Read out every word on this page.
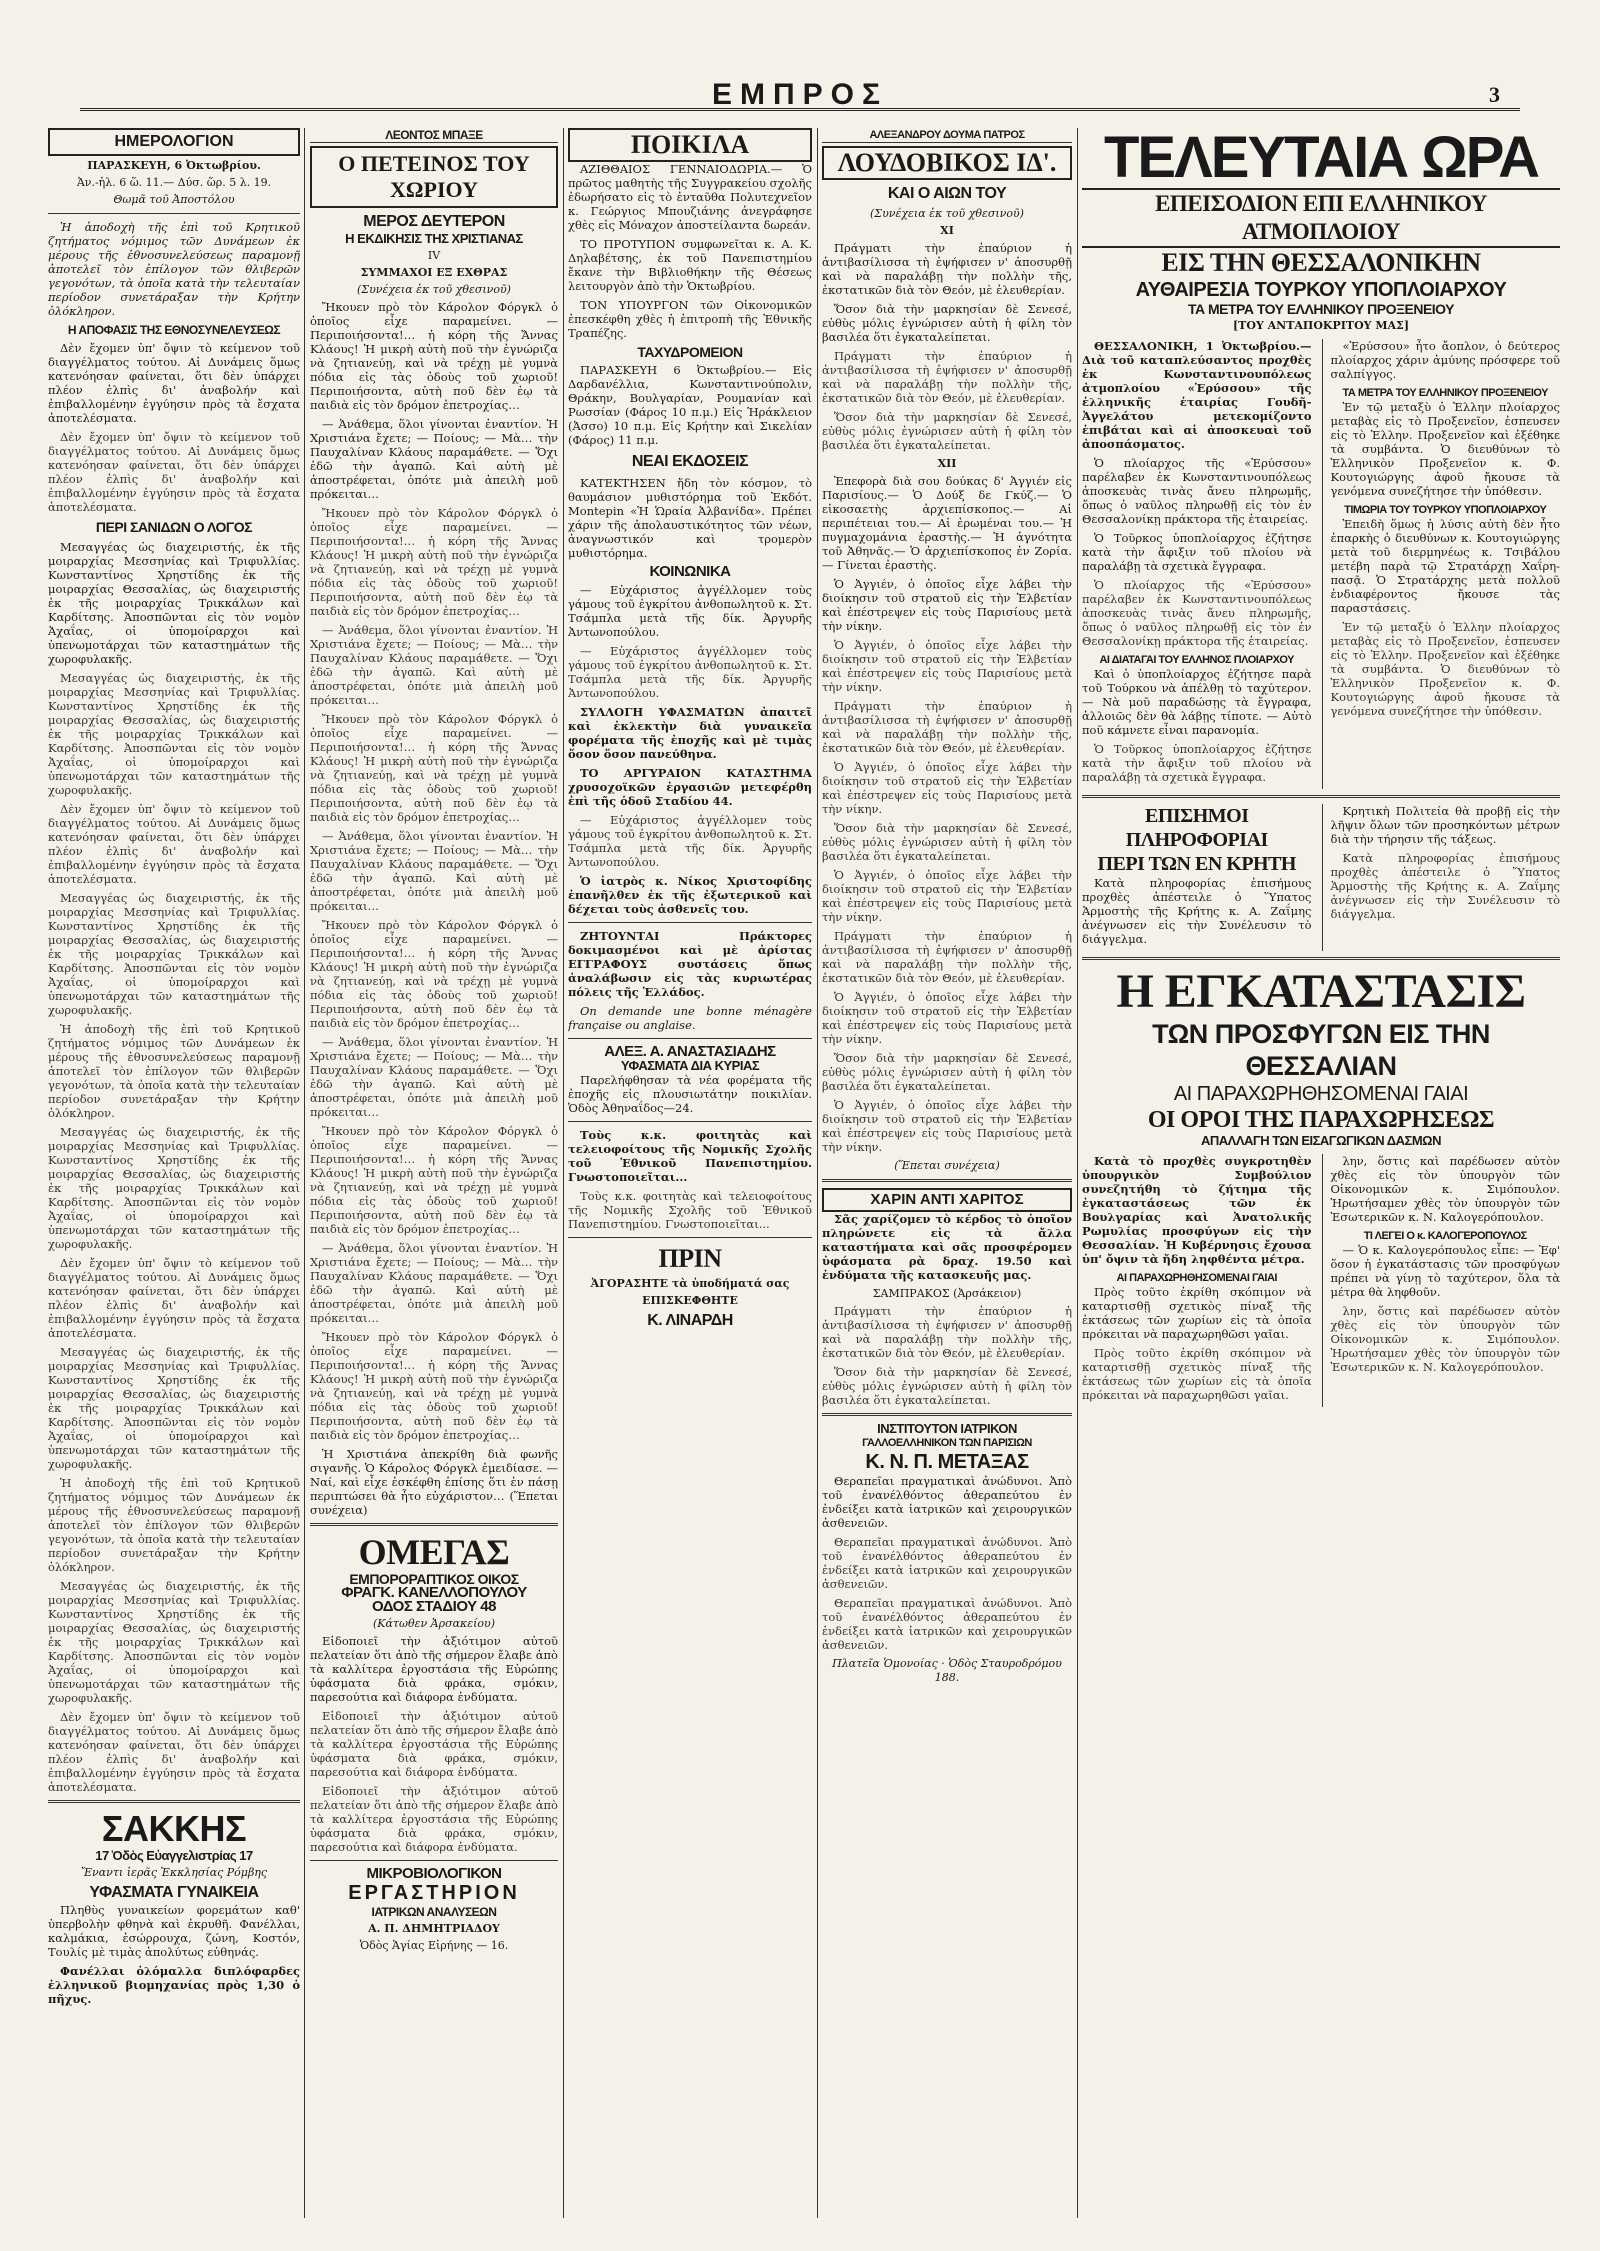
ΕΜΠΡΟΣ	3
ΗΜΕΡΟΛΟΓΙΟΝ
ΠΑΡΑΣΚΕΥΗ, 6 Ὀκτωβρίου.
Ἀν.-ἡλ. 6 ὥ. 11.— Δύσ. ὥρ. 5 λ. 19.
Θωμᾶ τοῦ Ἀποστόλου

Ἡ ἀποδοχὴ τῆς ἐπὶ τοῦ Κρητικοῦ ζητήματος νόμιμος τῶν Δυνάμεων ἐκ μέρους τῆς ἐθνοσυνελεύσεως παραμονῇ ἀποτελεῖ τὸν ἐπίλογον τῶν θλιβερῶν γεγονότων, τὰ ὁποῖα κατὰ τὴν τελευταίαν περίοδον συνετάραξαν τὴν Κρήτην ὁλόκληρον.

Η ΑΠΟΦΑΣΙΣ ΤΗΣ ΕΘΝΟΣΥΝΕΛΕΥΣΕΩΣ

Δὲν ἔχομεν ὑπ' ὄψιν τὸ κείμενον τοῦ διαγγέλματος τούτου. Αἱ Δυνάμεις ὅμως κατενόησαν φαίνεται, ὅτι δὲν ὑπάρχει πλέον ἐλπὶς δι' ἀναβολήν καὶ ἐπιβαλλομένην ἐγγύησιν πρὸς τὰ ἔσχατα ἀποτελέσματα.

Δὲν ἔχομεν ὑπ' ὄψιν τὸ κείμενον τοῦ διαγγέλματος τούτου. Αἱ Δυνάμεις ὅμως κατενόησαν φαίνεται, ὅτι δὲν ὑπάρχει πλέον ἐλπὶς δι' ἀναβολήν καὶ ἐπιβαλλομένην ἐγγύησιν πρὸς τὰ ἔσχατα ἀποτελέσματα.

ΠΕΡΙ ΣΑΝΙΔΩΝ Ο ΛΟΓΟΣ

Μεσαγγέας ὡς διαχειριστής, ἐκ τῆς μοιραρχίας Μεσσηνίας καὶ Τριφυλλίας. Κωνσταντίνος Χρηστίδης ἐκ τῆς μοιραρχίας Θεσσαλίας, ὡς διαχειριστής ἐκ τῆς μοιραρχίας Τρικκάλων καὶ Καρδίτσης. Ἀποσπῶνται εἰς τὸν νομὸν Ἀχαΐας, οἱ ὑπομοίραρχοι καὶ ὑπενωμοτάρχαι τῶν καταστημάτων τῆς χωροφυλακῆς.

Μεσαγγέας ὡς διαχειριστής, ἐκ τῆς μοιραρχίας Μεσσηνίας καὶ Τριφυλλίας. Κωνσταντίνος Χρηστίδης ἐκ τῆς μοιραρχίας Θεσσαλίας, ὡς διαχειριστής ἐκ τῆς μοιραρχίας Τρικκάλων καὶ Καρδίτσης. Ἀποσπῶνται εἰς τὸν νομὸν Ἀχαΐας, οἱ ὑπομοίραρχοι καὶ ὑπενωμοτάρχαι τῶν καταστημάτων τῆς χωροφυλακῆς.

Δὲν ἔχομεν ὑπ' ὄψιν τὸ κείμενον τοῦ διαγγέλματος τούτου. Αἱ Δυνάμεις ὅμως κατενόησαν φαίνεται, ὅτι δὲν ὑπάρχει πλέον ἐλπὶς δι' ἀναβολήν καὶ ἐπιβαλλομένην ἐγγύησιν πρὸς τὰ ἔσχατα ἀποτελέσματα.

Μεσαγγέας ὡς διαχειριστής, ἐκ τῆς μοιραρχίας Μεσσηνίας καὶ Τριφυλλίας. Κωνσταντίνος Χρηστίδης ἐκ τῆς μοιραρχίας Θεσσαλίας, ὡς διαχειριστής ἐκ τῆς μοιραρχίας Τρικκάλων καὶ Καρδίτσης. Ἀποσπῶνται εἰς τὸν νομὸν Ἀχαΐας, οἱ ὑπομοίραρχοι καὶ ὑπενωμοτάρχαι τῶν καταστημάτων τῆς χωροφυλακῆς.

Ἡ ἀποδοχὴ τῆς ἐπὶ τοῦ Κρητικοῦ ζητήματος νόμιμος τῶν Δυνάμεων ἐκ μέρους τῆς ἐθνοσυνελεύσεως παραμονῇ ἀποτελεῖ τὸν ἐπίλογον τῶν θλιβερῶν γεγονότων, τὰ ὁποῖα κατὰ τὴν τελευταίαν περίοδον συνετάραξαν τὴν Κρήτην ὁλόκληρον.

Μεσαγγέας ὡς διαχειριστής, ἐκ τῆς μοιραρχίας Μεσσηνίας καὶ Τριφυλλίας. Κωνσταντίνος Χρηστίδης ἐκ τῆς μοιραρχίας Θεσσαλίας, ὡς διαχειριστής ἐκ τῆς μοιραρχίας Τρικκάλων καὶ Καρδίτσης. Ἀποσπῶνται εἰς τὸν νομὸν Ἀχαΐας, οἱ ὑπομοίραρχοι καὶ ὑπενωμοτάρχαι τῶν καταστημάτων τῆς χωροφυλακῆς.

Δὲν ἔχομεν ὑπ' ὄψιν τὸ κείμενον τοῦ διαγγέλματος τούτου. Αἱ Δυνάμεις ὅμως κατενόησαν φαίνεται, ὅτι δὲν ὑπάρχει πλέον ἐλπὶς δι' ἀναβολήν καὶ ἐπιβαλλομένην ἐγγύησιν πρὸς τὰ ἔσχατα ἀποτελέσματα.

Μεσαγγέας ὡς διαχειριστής, ἐκ τῆς μοιραρχίας Μεσσηνίας καὶ Τριφυλλίας. Κωνσταντίνος Χρηστίδης ἐκ τῆς μοιραρχίας Θεσσαλίας, ὡς διαχειριστής ἐκ τῆς μοιραρχίας Τρικκάλων καὶ Καρδίτσης. Ἀποσπῶνται εἰς τὸν νομὸν Ἀχαΐας, οἱ ὑπομοίραρχοι καὶ ὑπενωμοτάρχαι τῶν καταστημάτων τῆς χωροφυλακῆς.

Ἡ ἀποδοχὴ τῆς ἐπὶ τοῦ Κρητικοῦ ζητήματος νόμιμος τῶν Δυνάμεων ἐκ μέρους τῆς ἐθνοσυνελεύσεως παραμονῇ ἀποτελεῖ τὸν ἐπίλογον τῶν θλιβερῶν γεγονότων, τὰ ὁποῖα κατὰ τὴν τελευταίαν περίοδον συνετάραξαν τὴν Κρήτην ὁλόκληρον.

Μεσαγγέας ὡς διαχειριστής, ἐκ τῆς μοιραρχίας Μεσσηνίας καὶ Τριφυλλίας. Κωνσταντίνος Χρηστίδης ἐκ τῆς μοιραρχίας Θεσσαλίας, ὡς διαχειριστής ἐκ τῆς μοιραρχίας Τρικκάλων καὶ Καρδίτσης. Ἀποσπῶνται εἰς τὸν νομὸν Ἀχαΐας, οἱ ὑπομοίραρχοι καὶ ὑπενωμοτάρχαι τῶν καταστημάτων τῆς χωροφυλακῆς.

Δὲν ἔχομεν ὑπ' ὄψιν τὸ κείμενον τοῦ διαγγέλματος τούτου. Αἱ Δυνάμεις ὅμως κατενόησαν φαίνεται, ὅτι δὲν ὑπάρχει πλέον ἐλπὶς δι' ἀναβολήν καὶ ἐπιβαλλομένην ἐγγύησιν πρὸς τὰ ἔσχατα ἀποτελέσματα.

ΣΑΚΚΗΣ
17 Ὁδὸς Εὐαγγελιστρίας 17
Ἔναντι ἱερᾶς Ἐκκλησίας Ρόμβης
ΥΦΑΣΜΑΤΑ ΓΥΝΑΙΚΕΙΑ

Πληθὺς γυναικείων φορεμάτων καθ' ὑπερβολὴν φθηνὰ καὶ ἐκρυθῆ. Φανέλλαι, καλμάκια, ἐσώρρουχα, ζώνη, Κοστόν, Τουλίς μὲ τιμὰς ἀπολύτως εὐθηνάς.

Φανέλλαι ὁλόμαλλα διπλόφαρδες ἐλληνικοῦ βιομηχανίας πρὸς 1,30 ὁ πῆχυς.

ΛΕΟΝΤΟΣ ΜΠΑΞΕ
Ο ΠΕΤΕΙΝΟΣ ΤΟΥ ΧΩΡΙΟΥ
ΜΕΡΟΣ ΔΕΥΤΕΡΟΝ
Η ΕΚΔΙΚΗΣΙΣ ΤΗΣ ΧΡΙΣΤΙΑΝΑΣ
IV
ΣΥΜΜΑΧΟΙ ΕΞ ΕΧΘΡΑΣ
(Συνέχεια ἐκ τοῦ χθεσινοῦ)

Ἤκουεν πρὸ τὸν Κάρολον Φόργκλ ὁ ὁποῖος εἶχε παραμείνει. — Περιποιήσοντα!… ἡ κόρη τῆς Ἄννας Κλάους! Ἡ μικρὴ αὐτὴ ποῦ τὴν ἐγνώριζα νὰ ζητιανεύῃ, καὶ νὰ τρέχῃ μὲ γυμνὰ πόδια εἰς τὰς ὁδοὺς τοῦ χωριοῦ! Περιποιήσοντα, αὐτὴ ποῦ δὲν ἐῳ τὰ παιδιὰ εἰς τὸν δρόμον ἐπετροχίας…

— Ἀνάθεμα, ὅλοι γίνονται ἐναντίον. Ἡ Χριστιάνα ἔχετε; — Ποίους; — Μὰ… τὴν Παυχαλίναν Κλάους παραμάθετε. — Ὅχι ἐδῶ τὴν ἀγαπῶ. Καὶ αὐτὴ μὲ ἀποστρέφεται, ὁπότε μιὰ ἀπειλὴ μοῦ πρόκειται…

Ἤκουεν πρὸ τὸν Κάρολον Φόργκλ ὁ ὁποῖος εἶχε παραμείνει. — Περιποιήσοντα!… ἡ κόρη τῆς Ἄννας Κλάους! Ἡ μικρὴ αὐτὴ ποῦ τὴν ἐγνώριζα νὰ ζητιανεύῃ, καὶ νὰ τρέχῃ μὲ γυμνὰ πόδια εἰς τὰς ὁδοὺς τοῦ χωριοῦ! Περιποιήσοντα, αὐτὴ ποῦ δὲν ἐῳ τὰ παιδιὰ εἰς τὸν δρόμον ἐπετροχίας…

— Ἀνάθεμα, ὅλοι γίνονται ἐναντίον. Ἡ Χριστιάνα ἔχετε; — Ποίους; — Μὰ… τὴν Παυχαλίναν Κλάους παραμάθετε. — Ὅχι ἐδῶ τὴν ἀγαπῶ. Καὶ αὐτὴ μὲ ἀποστρέφεται, ὁπότε μιὰ ἀπειλὴ μοῦ πρόκειται…

Ἤκουεν πρὸ τὸν Κάρολον Φόργκλ ὁ ὁποῖος εἶχε παραμείνει. — Περιποιήσοντα!… ἡ κόρη τῆς Ἄννας Κλάους! Ἡ μικρὴ αὐτὴ ποῦ τὴν ἐγνώριζα νὰ ζητιανεύῃ, καὶ νὰ τρέχῃ μὲ γυμνὰ πόδια εἰς τὰς ὁδοὺς τοῦ χωριοῦ! Περιποιήσοντα, αὐτὴ ποῦ δὲν ἐῳ τὰ παιδιὰ εἰς τὸν δρόμον ἐπετροχίας…

— Ἀνάθεμα, ὅλοι γίνονται ἐναντίον. Ἡ Χριστιάνα ἔχετε; — Ποίους; — Μὰ… τὴν Παυχαλίναν Κλάους παραμάθετε. — Ὅχι ἐδῶ τὴν ἀγαπῶ. Καὶ αὐτὴ μὲ ἀποστρέφεται, ὁπότε μιὰ ἀπειλὴ μοῦ πρόκειται…

Ἤκουεν πρὸ τὸν Κάρολον Φόργκλ ὁ ὁποῖος εἶχε παραμείνει. — Περιποιήσοντα!… ἡ κόρη τῆς Ἄννας Κλάους! Ἡ μικρὴ αὐτὴ ποῦ τὴν ἐγνώριζα νὰ ζητιανεύῃ, καὶ νὰ τρέχῃ μὲ γυμνὰ πόδια εἰς τὰς ὁδοὺς τοῦ χωριοῦ! Περιποιήσοντα, αὐτὴ ποῦ δὲν ἐῳ τὰ παιδιὰ εἰς τὸν δρόμον ἐπετροχίας…

— Ἀνάθεμα, ὅλοι γίνονται ἐναντίον. Ἡ Χριστιάνα ἔχετε; — Ποίους; — Μὰ… τὴν Παυχαλίναν Κλάους παραμάθετε. — Ὅχι ἐδῶ τὴν ἀγαπῶ. Καὶ αὐτὴ μὲ ἀποστρέφεται, ὁπότε μιὰ ἀπειλὴ μοῦ πρόκειται…

Ἤκουεν πρὸ τὸν Κάρολον Φόργκλ ὁ ὁποῖος εἶχε παραμείνει. — Περιποιήσοντα!… ἡ κόρη τῆς Ἄννας Κλάους! Ἡ μικρὴ αὐτὴ ποῦ τὴν ἐγνώριζα νὰ ζητιανεύῃ, καὶ νὰ τρέχῃ μὲ γυμνὰ πόδια εἰς τὰς ὁδοὺς τοῦ χωριοῦ! Περιποιήσοντα, αὐτὴ ποῦ δὲν ἐῳ τὰ παιδιὰ εἰς τὸν δρόμον ἐπετροχίας…

— Ἀνάθεμα, ὅλοι γίνονται ἐναντίον. Ἡ Χριστιάνα ἔχετε; — Ποίους; — Μὰ… τὴν Παυχαλίναν Κλάους παραμάθετε. — Ὅχι ἐδῶ τὴν ἀγαπῶ. Καὶ αὐτὴ μὲ ἀποστρέφεται, ὁπότε μιὰ ἀπειλὴ μοῦ πρόκειται…

Ἤκουεν πρὸ τὸν Κάρολον Φόργκλ ὁ ὁποῖος εἶχε παραμείνει. — Περιποιήσοντα!… ἡ κόρη τῆς Ἄννας Κλάους! Ἡ μικρὴ αὐτὴ ποῦ τὴν ἐγνώριζα νὰ ζητιανεύῃ, καὶ νὰ τρέχῃ μὲ γυμνὰ πόδια εἰς τὰς ὁδοὺς τοῦ χωριοῦ! Περιποιήσοντα, αὐτὴ ποῦ δὲν ἐῳ τὰ παιδιὰ εἰς τὸν δρόμον ἐπετροχίας…

Ἡ Χριστιάνα ἀπεκρίθη διὰ φωνῆς σιγανῆς. Ὁ Κάρολος Φόργκλ ἐμειδίασε. — Ναί, καὶ εἶχε ἐσκέφθη ἐπίσης ὅτι ἐν πάσῃ περιπτώσει θὰ ἦτο εὐχάριστον… (Ἕπεται συνέχεια)

ΟΜΕΓΑΣ
ΕΜΠΟΡΟΡΑΠΤΙΚΟΣ ΟΙΚΟΣ
ΦΡΑΓΚ. ΚΑΝΕΛΛΟΠΟΥΛΟΥ
ΟΔΟΣ ΣΤΑΔΙΟΥ 48
(Κάτωθεν Ἀρσακείου)

Εἰδοποιεῖ τὴν ἀξιότιμον αὐτοῦ πελατείαν ὅτι ἀπὸ τῆς σήμερον ἔλαβε ἀπὸ τὰ καλλίτερα ἐργοστάσια τῆς Εὐρώπης ὑφάσματα διὰ φράκα, σμόκιν, παρεσούτια καὶ διάφορα ἐνδύματα.

Εἰδοποιεῖ τὴν ἀξιότιμον αὐτοῦ πελατείαν ὅτι ἀπὸ τῆς σήμερον ἔλαβε ἀπὸ τὰ καλλίτερα ἐργοστάσια τῆς Εὐρώπης ὑφάσματα διὰ φράκα, σμόκιν, παρεσούτια καὶ διάφορα ἐνδύματα.

Εἰδοποιεῖ τὴν ἀξιότιμον αὐτοῦ πελατείαν ὅτι ἀπὸ τῆς σήμερον ἔλαβε ἀπὸ τὰ καλλίτερα ἐργοστάσια τῆς Εὐρώπης ὑφάσματα διὰ φράκα, σμόκιν, παρεσούτια καὶ διάφορα ἐνδύματα.

ΜΙΚΡΟΒΙΟΛΟΓΙΚΟΝ
ΕΡΓΑΣΤΗΡΙΟΝ
ΙΑΤΡΙΚΩΝ ΑΝΑΛΥΣΕΩΝ
Α. Π. ΔΗΜΗΤΡΙΑΔΟΥ
Ὁδὸς Ἁγίας Εἰρήνης — 16.
ΠΟΙΚΙΛΑ

ΑΖΙΘΘΑΙΟΣ ΓΕΝΝΑΙΟΔΩΡΙΑ.— Ὁ πρῶτος μαθητὴς τῆς Συγγρακείου σχολῆς ἐδωρήσατο εἰς τὸ ἐνταῦθα Πολυτεχνεῖον κ. Γεώργιος Μπουζιάνης ἀνεγράφησε χθὲς εἰς Μόναχον ἀποστείλαντα δωρεάν.

ΤΟ ΠΡΟΤΥΠΟΝ συμφωνεῖται κ. Α. Κ. Δηλαβέτσης, ἐκ τοῦ Πανεπιστημίου ἔκανε τὴν Βιβλιοθήκην τῆς Θέσεως λειτουργὸν ἀπὸ τὴν Ὁκτωβρίου.

ΤΟΝ ΥΠΟΥΡΓΟΝ τῶν Οἰκονομικῶν ἐπεσκέφθη χθὲς ἡ ἐπιτροπὴ τῆς Ἐθνικῆς Τραπέζης.

ΤΑΧΥΔΡΟΜΕΙΟΝ

ΠΑΡΑΣΚΕΥΗ 6 Ὀκτωβρίου.— Εἰς Δαρδανέλλια, Κωνσταντινούπολιν, Θράκην, Βουλγαρίαν, Ρουμανίαν καὶ Ρωσσίαν (Φάρος 10 π.μ.) Εἰς Ἡράκλειον (Ἀσσο) 10 π.μ. Εἰς Κρήτην καὶ Σικελίαν (Φάρος) 11 π.μ.

ΝΕΑΙ ΕΚΔΟΣΕΙΣ

ΚΑΤΕΚΤΗΣΕΝ ἤδη τὸν κόσμον, τὸ θαυμάσιον μυθιστόρημα τοῦ Ἐκδότ. Montepin «Ἡ Ὡραία Ἀλβανίδα». Πρέπει χάριν τῆς ἀπολαυστικότητος τῶν νέων, ἀναγνωστικόν καὶ τρομερὸν μυθιστόρημα.

ΚΟΙΝΩΝΙΚΑ

— Εὐχάριστος ἀγγέλλομεν τοὺς γάμους τοῦ ἐγκρίτου ἀνθοπωλητοῦ κ. Στ. Τσάμπλα μετὰ τῆς δίκ. Ἀργυρῆς Ἀντωνοπούλου.

— Εὐχάριστος ἀγγέλλομεν τοὺς γάμους τοῦ ἐγκρίτου ἀνθοπωλητοῦ κ. Στ. Τσάμπλα μετὰ τῆς δίκ. Ἀργυρῆς Ἀντωνοπούλου.

ΣΥΛΛΟΓΗ ΥΦΑΣΜΑΤΩΝ ἀπαιτεῖ καὶ ἐκλεκτὴν διὰ γυναικεῖα φορέματα τῆς ἐποχῆς καὶ μὲ τιμὰς ὅσον ὅσον πανεύθηνα.

ΤΟ ΑΡΓΥΡΑΙΟΝ ΚΑΤΑΣΤΗΜΑ χρυσοχοϊκῶν ἐργασιῶν μετεφέρθη ἐπὶ τῆς ὁδοῦ Σταδίου 44.

— Εὐχάριστος ἀγγέλλομεν τοὺς γάμους τοῦ ἐγκρίτου ἀνθοπωλητοῦ κ. Στ. Τσάμπλα μετὰ τῆς δίκ. Ἀργυρῆς Ἀντωνοπούλου.

Ὁ ἰατρὸς κ. Νίκος Χριστοφίδης ἐπανῆλθεν ἐκ τῆς ἐξωτερικοῦ καὶ δέχεται τοὺς ἀσθενεῖς του.

ΖΗΤΟΥΝΤΑΙ Πράκτορες δοκιμασμένοι καὶ μὲ ἀρίστας ΕΓΓΡΑΦΟΥΣ συστάσεις ὅπως ἀναλάβωσιν εἰς τὰς κυριωτέρας πόλεις τῆς Ἑλλάδος.

On demande une bonne ménagère française ou anglaise.

ΑΛΕΞ. Α. ΑΝΑΣΤΑΣΙΑΔΗΣ
ΥΦΑΣΜΑΤΑ ΔΙΑ ΚΥΡΙΑΣ

Παρελήφθησαν τὰ νέα φορέματα τῆς ἐποχῆς εἰς πλουσιωτάτην ποικιλίαν. Ὁδὸς Ἀθηναΐδος—24.

Τοὺς κ.κ. φοιτητὰς καὶ τελειοφοίτους τῆς Νομικῆς Σχολῆς τοῦ Ἐθνικοῦ Πανεπιστημίου. Γνωστοποιεῖται...

Τοὺς κ.κ. φοιτητὰς καὶ τελειοφοίτους τῆς Νομικῆς Σχολῆς τοῦ Ἐθνικοῦ Πανεπιστημίου. Γνωστοποιεῖται...

ΠΡΙΝ
ἈΓΟΡΑΣΗΤΕ τὰ ὑποδήματά σας
ΕΠΙΣΚΕΦΘΗΤΕ
Κ. ΛΙΝΑΡΔΗ
ΑΛΕΞΑΝΔΡΟΥ ΔΟΥΜΑ ΠΑΤΡΟΣ
ΛΟΥΔΟΒΙΚΟΣ ΙΔ'.
ΚΑΙ Ο ΑΙΩΝ ΤΟΥ
(Συνέχεια ἐκ τοῦ χθεσινοῦ)
XI

Πράγματι τὴν ἐπαύριον ἡ ἀντιβασίλισσα τὴ ἐψήφισεν ν' ἀποσυρθῇ καὶ νὰ παραλάβῃ τὴν πολλὴν τῆς, ἐκστατικῶν διὰ τὸν Θεόν, μὲ ἐλευθερίαν.

Ὅσον διὰ τὴν μαρκησίαν δὲ Σενεσέ, εὐθὺς μόλις ἐγνώρισεν αὐτὴ ἡ φίλη τὸν βασιλέα ὅτι ἐγκαταλείπεται.

Πράγματι τὴν ἐπαύριον ἡ ἀντιβασίλισσα τὴ ἐψήφισεν ν' ἀποσυρθῇ καὶ νὰ παραλάβῃ τὴν πολλὴν τῆς, ἐκστατικῶν διὰ τὸν Θεόν, μὲ ἐλευθερίαν.

Ὅσον διὰ τὴν μαρκησίαν δὲ Σενεσέ, εὐθὺς μόλις ἐγνώρισεν αὐτὴ ἡ φίλη τὸν βασιλέα ὅτι ἐγκαταλείπεται.

XII

Ἐπεφορὰ διὰ σου δούκας δ' Ἀγγιέν εἰς Παρισίους.— Ὁ Δούξ δε Γκύζ.— Ὁ εἰκοσαετὴς ἀρχιεπίσκοπος.— Αἱ περιπέτειαι του.— Αἱ ἐρωμέναι του.— Ἡ πυγμαχομάνια ἐραστὴς.— Ἡ ἀγνότητα τοῦ Ἀθηνᾶς.— Ὁ ἀρχιεπίσκοπος ἐν Ζορία.— Γίνεται ἐραστὴς.

Ὁ Ἀγγιέν, ὁ ὁποῖος εἶχε λάβει τὴν διοίκησιν τοῦ στρατοῦ εἰς τὴν Ἑλβετίαν καὶ ἐπέστρεψεν εἰς τοὺς Παρισίους μετὰ τὴν νίκην.

Ὁ Ἀγγιέν, ὁ ὁποῖος εἶχε λάβει τὴν διοίκησιν τοῦ στρατοῦ εἰς τὴν Ἑλβετίαν καὶ ἐπέστρεψεν εἰς τοὺς Παρισίους μετὰ τὴν νίκην.

Πράγματι τὴν ἐπαύριον ἡ ἀντιβασίλισσα τὴ ἐψήφισεν ν' ἀποσυρθῇ καὶ νὰ παραλάβῃ τὴν πολλὴν τῆς, ἐκστατικῶν διὰ τὸν Θεόν, μὲ ἐλευθερίαν.

Ὁ Ἀγγιέν, ὁ ὁποῖος εἶχε λάβει τὴν διοίκησιν τοῦ στρατοῦ εἰς τὴν Ἑλβετίαν καὶ ἐπέστρεψεν εἰς τοὺς Παρισίους μετὰ τὴν νίκην.

Ὅσον διὰ τὴν μαρκησίαν δὲ Σενεσέ, εὐθὺς μόλις ἐγνώρισεν αὐτὴ ἡ φίλη τὸν βασιλέα ὅτι ἐγκαταλείπεται.

Ὁ Ἀγγιέν, ὁ ὁποῖος εἶχε λάβει τὴν διοίκησιν τοῦ στρατοῦ εἰς τὴν Ἑλβετίαν καὶ ἐπέστρεψεν εἰς τοὺς Παρισίους μετὰ τὴν νίκην.

Πράγματι τὴν ἐπαύριον ἡ ἀντιβασίλισσα τὴ ἐψήφισεν ν' ἀποσυρθῇ καὶ νὰ παραλάβῃ τὴν πολλὴν τῆς, ἐκστατικῶν διὰ τὸν Θεόν, μὲ ἐλευθερίαν.

Ὁ Ἀγγιέν, ὁ ὁποῖος εἶχε λάβει τὴν διοίκησιν τοῦ στρατοῦ εἰς τὴν Ἑλβετίαν καὶ ἐπέστρεψεν εἰς τοὺς Παρισίους μετὰ τὴν νίκην.

Ὅσον διὰ τὴν μαρκησίαν δὲ Σενεσέ, εὐθὺς μόλις ἐγνώρισεν αὐτὴ ἡ φίλη τὸν βασιλέα ὅτι ἐγκαταλείπεται.

Ὁ Ἀγγιέν, ὁ ὁποῖος εἶχε λάβει τὴν διοίκησιν τοῦ στρατοῦ εἰς τὴν Ἑλβετίαν καὶ ἐπέστρεψεν εἰς τοὺς Παρισίους μετὰ τὴν νίκην.

(Ἕπεται συνέχεια)
ΧΑΡΙΝ ΑΝΤΙ ΧΑΡΙΤΟΣ

Σᾶς χαρίζομεν τὸ κέρδος τὸ ὁποῖον πληρώνετε εἰς τὰ ἄλλα καταστήματα καὶ σᾶς προσφέρομεν ὑφάσματα ρὰ δραχ. 19.50 καὶ ἐνδύματα τῆς κατασκευῆς μας.

ΣΑΜΠΡΑΚΟΣ (Ἀρσάκειον)

Πράγματι τὴν ἐπαύριον ἡ ἀντιβασίλισσα τὴ ἐψήφισεν ν' ἀποσυρθῇ καὶ νὰ παραλάβῃ τὴν πολλὴν τῆς, ἐκστατικῶν διὰ τὸν Θεόν, μὲ ἐλευθερίαν.

Ὅσον διὰ τὴν μαρκησίαν δὲ Σενεσέ, εὐθὺς μόλις ἐγνώρισεν αὐτὴ ἡ φίλη τὸν βασιλέα ὅτι ἐγκαταλείπεται.

ΙΝΣΤΙΤΟΥΤΟΝ ΙΑΤΡΙΚΟΝ
ΓΑΛΛΟΕΛΛΗΝΙΚΟΝ ΤΩΝ ΠΑΡΙΣΙΩΝ
Κ. Ν. Π. ΜΕΤΑΞΑΣ

Θεραπεῖαι πραγματικαὶ ἀνώδυνοι. Ἀπὸ τοῦ ἐνανέλθόντος ἀθεραπεύτου ἐν ἐνδείξει κατὰ ἰατρικῶν καὶ χειρουργικῶν ἀσθενειῶν.

Θεραπεῖαι πραγματικαὶ ἀνώδυνοι. Ἀπὸ τοῦ ἐνανέλθόντος ἀθεραπεύτου ἐν ἐνδείξει κατὰ ἰατρικῶν καὶ χειρουργικῶν ἀσθενειῶν.

Θεραπεῖαι πραγματικαὶ ἀνώδυνοι. Ἀπὸ τοῦ ἐνανέλθόντος ἀθεραπεύτου ἐν ἐνδείξει κατὰ ἰατρικῶν καὶ χειρουργικῶν ἀσθενειῶν.

Πλατεῖα Ὁμονοίας · Ὁδὸς Σταυροδρόμου 188.
ΤΕΛΕΥΤΑΙΑ ΩΡΑ
ΕΠΕΙΣΟΔΙΟΝ ΕΠΙ ΕΛΛΗΝΙΚΟΥ ΑΤΜΟΠΛΟΙΟΥ
ΕΙΣ ΤΗΝ ΘΕΣΣΑΛΟΝΙΚΗΝ
ΑΥΘΑΙΡΕΣΙΑ ΤΟΥΡΚΟΥ ΥΠΟΠΛΟΙΑΡΧΟΥ
ΤΑ ΜΕΤΡΑ ΤΟΥ ΕΛΛΗΝΙΚΟΥ ΠΡΟΞΕΝΕΙΟΥ
[ΤΟΥ ΑΝΤΑΠΟΚΡΙΤΟΥ ΜΑΣ]

ΘΕΣΣΑΛΟΝΙΚΗ, 1 Ὀκτωβρίου.— Διὰ τοῦ καταπλεύσαντος προχθὲς ἐκ Κωνσταντινουπόλεως ἀτμοπλοίου «Ἐρύσσου» τῆς ἑλληνικῆς ἑταιρίας Γουδῆ-Ἀγγελάτου μετεκομίζοντο ἐπιβάται καὶ αἱ ἀποσκευαὶ τοῦ ἀποσπάσματος.

Ὁ πλοίαρχος τῆς «Ἐρύσσου» παρέλαβεν ἐκ Κωνσταντινουπόλεως ἀποσκευὰς τινὰς ἄνευ πληρωμῆς, ὅπως ὁ ναῦλος πληρωθῇ εἰς τὸν ἐν Θεσσαλονίκῃ πράκτορα τῆς ἑταιρείας.

Ὁ Τοῦρκος ὑποπλοίαρχος ἐζήτησε κατὰ τὴν ἄφιξιν τοῦ πλοίου νὰ παραλάβῃ τὰ σχετικὰ ἔγγραφα.

Ὁ πλοίαρχος τῆς «Ἐρύσσου» παρέλαβεν ἐκ Κωνσταντινουπόλεως ἀποσκευὰς τινὰς ἄνευ πληρωμῆς, ὅπως ὁ ναῦλος πληρωθῇ εἰς τὸν ἐν Θεσσαλονίκῃ πράκτορα τῆς ἑταιρείας.

ΑΙ ΔΙΑΤΑΓΑΙ ΤΟΥ ΕΛΛΗΝΟΣ ΠΛΟΙΑΡΧΟΥ

Καὶ ὁ ὑποπλοίαρχος ἐζήτησε παρὰ τοῦ Τούρκου νὰ ἀπέλθῃ τὸ ταχύτερον. — Νὰ μοῦ παραδώσῃς τὰ ἔγγραφα, ἀλλοιῶς δὲν θὰ λάβῃς τίποτε. — Αὐτὸ ποῦ κάμνετε εἶναι παρανομία.

Ὁ Τοῦρκος ὑποπλοίαρχος ἐζήτησε κατὰ τὴν ἄφιξιν τοῦ πλοίου νὰ παραλάβῃ τὰ σχετικὰ ἔγγραφα.

«Ἐρύσσου» ἦτο ἄοπλον, ὁ δεύτερος πλοίαρχος χάριν ἀμύνης πρόσφερε τοῦ σαλπίγγος.

ΤΑ ΜΕΤΡΑ ΤΟΥ ΕΛΛΗΝΙΚΟΥ ΠΡΟΞΕΝΕΙΟΥ

Ἐν τῷ μεταξὺ ὁ Ἑλλην πλοίαρχος μεταβὰς εἰς τὸ Προξενεῖον, ἐσπευσεν εἰς τὸ Ἑλλην. Προξενεῖον καὶ ἐξέθηκε τὰ συμβάντα. Ὁ διευθύνων τὸ Ἑλληνικὸν Προξενεῖον κ. Φ. Κουτογιώργης ἀφοῦ ἤκουσε τὰ γενόμενα συνεζήτησε τὴν ὑπόθεσιν.

ΤΙΜΩΡΙΑ ΤΟΥ ΤΟΥΡΚΟΥ ΥΠΟΠΛΟΙΑΡΧΟΥ

Ἐπειδὴ ὅμως ἡ λύσις αὐτὴ δὲν ἦτο ἐπαρκὴς ὁ διευθύνων κ. Κουτογιώργης μετὰ τοῦ διερμηνέως κ. Τσιβάλου μετέβη παρὰ τῷ Στρατάρχῃ Χαΐρη-πασᾷ. Ὁ Στρατάρχης μετὰ πολλοῦ ἐνδιαφέροντος ἤκουσε τὰς παραστάσεις.

Ἐν τῷ μεταξὺ ὁ Ἑλλην πλοίαρχος μεταβὰς εἰς τὸ Προξενεῖον, ἐσπευσεν εἰς τὸ Ἑλλην. Προξενεῖον καὶ ἐξέθηκε τὰ συμβάντα. Ὁ διευθύνων τὸ Ἑλληνικὸν Προξενεῖον κ. Φ. Κουτογιώργης ἀφοῦ ἤκουσε τὰ γενόμενα συνεζήτησε τὴν ὑπόθεσιν.

ΕΠΙΣΗΜΟΙ ΠΛΗΡΟΦΟΡΙΑΙ
ΠΕΡΙ ΤΩΝ ΕΝ ΚΡΗΤΗ

Κατὰ πληροφορίας ἐπισήμους προχθὲς ἀπέστειλε ὁ Ὕπατος Ἁρμοστὴς τῆς Κρήτης κ. Α. Ζαΐμης ἀνέγνωσεν εἰς τὴν Συνέλευσιν τὸ διάγγελμα.

Κρητικὴ Πολιτεία θὰ προβῇ εἰς τὴν λῆψιν ὅλων τῶν προσηκόντων μέτρων διὰ τὴν τήρησιν τῆς τάξεως.

Κατὰ πληροφορίας ἐπισήμους προχθὲς ἀπέστειλε ὁ Ὕπατος Ἁρμοστὴς τῆς Κρήτης κ. Α. Ζαΐμης ἀνέγνωσεν εἰς τὴν Συνέλευσιν τὸ διάγγελμα.

Η ΕΓΚΑΤΑΣΤΑΣΙΣ
ΤΩΝ ΠΡΟΣΦΥΓΩΝ ΕΙΣ ΤΗΝ ΘΕΣΣΑΛΙΑΝ
ΑΙ ΠΑΡΑΧΩΡΗΘΗΣΟΜΕΝΑΙ ΓΑΙΑΙ
ΟΙ ΟΡΟΙ ΤΗΣ ΠΑΡΑΧΩΡΗΣΕΩΣ
ΑΠΑΛΛΑΓΗ ΤΩΝ ΕΙΣΑΓΩΓΙΚΩΝ ΔΑΣΜΩΝ

Κατὰ τὸ προχθὲς συγκροτηθὲν ὑπουργικὸν Συμβούλιον συνεζητήθη τὸ ζήτημα τῆς ἐγκαταστάσεως τῶν ἐκ Βουλγαρίας καὶ Ἀνατολικῆς Ρωμυλίας προσφύγων εἰς τὴν Θεσσαλίαν. Ἡ Κυβέρνησις ἔχουσα ὑπ' ὄψιν τὰ ἤδη ληφθέντα μέτρα.

ΑΙ ΠΑΡΑΧΩΡΗΘΗΣΟΜΕΝΑΙ ΓΑΙΑΙ

Πρὸς τοῦτο ἐκρίθη σκόπιμον νὰ καταρτισθῇ σχετικὸς πίναξ τῆς ἐκτάσεως τῶν χωρίων εἰς τὰ ὁποῖα πρόκειται νὰ παραχωρηθῶσι γαῖαι.

Πρὸς τοῦτο ἐκρίθη σκόπιμον νὰ καταρτισθῇ σχετικὸς πίναξ τῆς ἐκτάσεως τῶν χωρίων εἰς τὰ ὁποῖα πρόκειται νὰ παραχωρηθῶσι γαῖαι.

λην, ὅστις καὶ παρέδωσεν αὐτὸν χθὲς εἰς τὸν ὑπουργὸν τῶν Οἰκονομικῶν κ. Σιμόπουλον. Ἠρωτήσαμεν χθὲς τὸν ὑπουργὸν τῶν Ἐσωτερικῶν κ. Ν. Καλογερόπουλον.

ΤΙ ΛΕΓΕΙ Ο κ. ΚΑΛΟΓΕΡΟΠΟΥΛΟΣ

— Ὁ κ. Καλογερόπουλος εἶπε: — Ἐφ' ὅσον ἡ ἐγκατάστασις τῶν προσφύγων πρέπει νὰ γίνῃ τὸ ταχύτερον, ὅλα τὰ μέτρα θὰ ληφθοῦν.

λην, ὅστις καὶ παρέδωσεν αὐτὸν χθὲς εἰς τὸν ὑπουργὸν τῶν Οἰκονομικῶν κ. Σιμόπουλον. Ἠρωτήσαμεν χθὲς τὸν ὑπουργὸν τῶν Ἐσωτερικῶν κ. Ν. Καλογερόπουλον.
